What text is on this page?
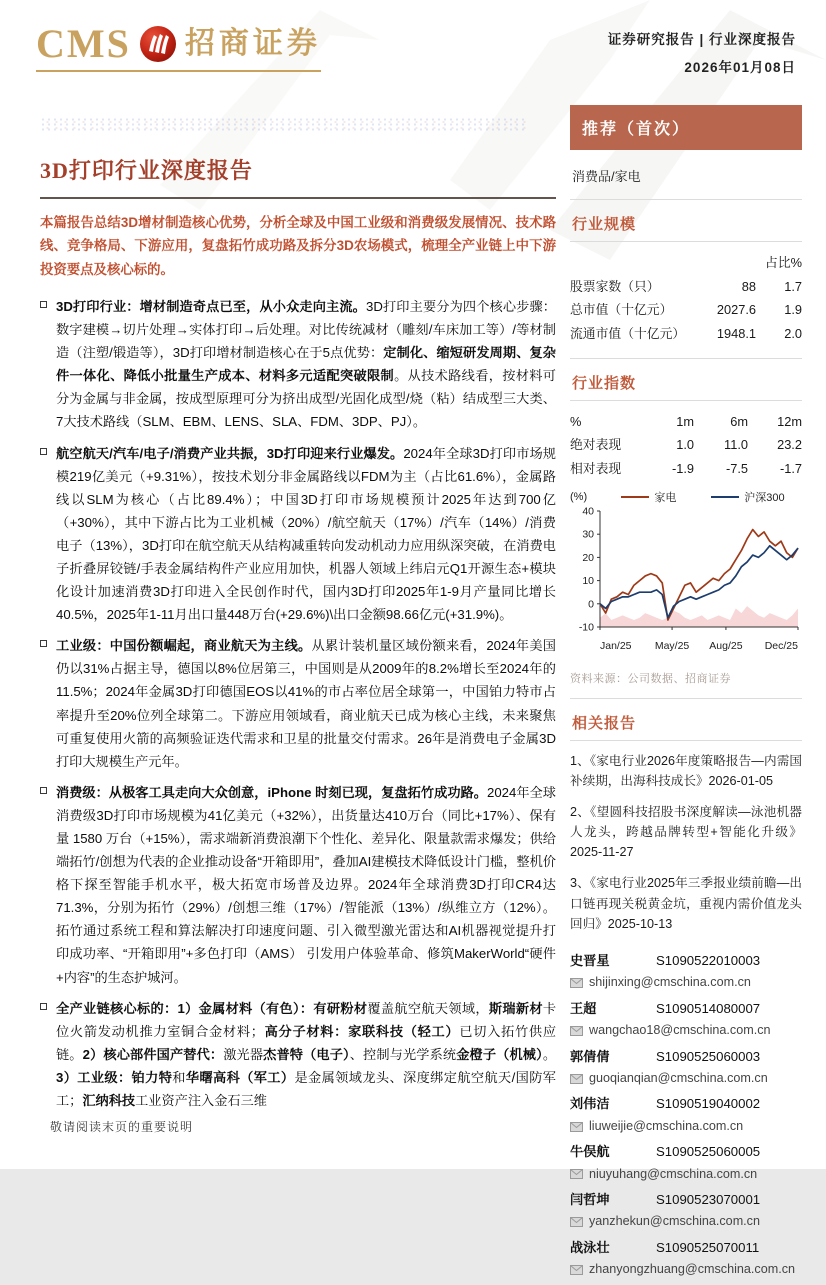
CMS 招商证券	证券研究报告 | 行业深度报告
2026年01月08日
3D打印行业深度报告
本篇报告总结3D增材制造核心优势，分析全球及中国工业级和消费级发展情况、技术路线、竞争格局、下游应用，复盘拓竹成功路及拆分3D农场模式，梳理全产业链上中下游投资要点及核心标的。

3D打印行业：增材制造奇点已至，从小众走向主流。3D打印主要分为四个核心步骤：数字建模→切片处理→实体打印→后处理。对比传统减材（雕刻/车床加工等）/等材制造（注塑/锻造等），3D打印增材制造核心在于5点优势：定制化、缩短研发周期、复杂件一体化、降低小批量生产成本、材料多元适配突破限制。从技术路线看，按材料可分为金属与非金属，按成型原理可分为挤出成型/光固化成型/烧（粘）结成型三大类、7大技术路线（SLM、EBM、LENS、SLA、FDM、3DP、PJ）。

航空航天/汽车/电子/消费产业共振，3D打印迎来行业爆发。2024年全球3D打印市场规模219亿美元（+9.31%），按技术划分非金属路线以FDM为主（占比61.6%），金属路线以SLM为核心（占比89.4%）；中国3D打印市场规模预计2025年达到700亿（+30%），其中下游占比为工业机械（20%）/航空航天（17%）/汽车（14%）/消费电子（13%），3D打印在航空航天从结构减重转向发动机动力应用纵深突破，在消费电子折叠屏铰链/手表金属结构件产业应用加快，机器人领域上纬启元Q1开源生态+模块化设计加速消费3D打印进入全民创作时代，国内3D打印2025年1-9月产量同比增长40.5%，2025年1-11月出口量448万台(+29.6%)\出口金额98.66亿元(+31.9%)。

工业级：中国份额崛起，商业航天为主线。从累计装机量区域份额来看，2024年美国仍以31%占据主导，德国以8%位居第三，中国则是从2009年的8.2%增长至2024年的11.5%；2024年金属3D打印德国EOS以41%的市占率位居全球第一，中国铂力特市占率提升至20%位列全球第二。下游应用领域看，商业航天已成为核心主线，未来聚焦可重复使用火箭的高频验证迭代需求和卫星的批量交付需求。26年是消费电子金属3D打印大规模生产元年。

消费级：从极客工具走向大众创意，iPhone 时刻已现，复盘拓竹成功路。2024年全球消费级3D打印市场规模为41亿美元（+32%），出货量达410万台（同比+17%）、保有量 1580 万台（+15%），需求端新消费浪潮下个性化、差异化、限量款需求爆发；供给端拓竹/创想为代表的企业推动设备“开箱即用”，叠加AI建模技术降低设计门槛，整机价格下探至智能手机水平，极大拓宽市场普及边界。2024年全球消费3D打印CR4达71.3%，分别为拓竹（29%）/创想三维（17%）/智能派（13%）/纵维立方（12%）。拓竹通过系统工程和算法解决打印速度问题、引入微型激光雷达和AI机器视觉提升打印成功率、“开箱即用”+多色打印（AMS） 引发用户体验革命、修筑MakerWorld“硬件+内容”的生态护城河。

全产业链核心标的：1）金属材料（有色）：有研粉材覆盖航空航天领域，斯瑞新材卡位火箭发动机推力室铜合金材料；高分子材料：家联科技（轻工）已切入拓竹供应链。2）核心部件国产替代：激光器杰普特（电子）、控制与光学系统金橙子（机械）。3）工业级：铂力特和华曙高科（军工）是金属领域龙头、深度绑定航空航天/国防军工；汇纳科技工业资产注入金石三维

推荐（首次）
消费品/家电
行业规模
占比%
股票家数（只）	88	1.7
总市值（十亿元）	2027.6	1.9
流通市值（十亿元）	1948.1	2.0
行业指数
%	1m	6m	12m
绝对表现	1.0	11.0	23.2
相对表现	-1.9	-7.5	-1.7
(%)	家电	沪深300
40
30
20
10
0
-10
Jan/25 May/25 Aug/25 Dec/25
资料来源：公司数据、招商证券
相关报告
1、《家电行业2026年度策略报告—内需国补续期，出海科技成长》2026-01-05
2、《望圆科技招股书深度解读—泳池机器人龙头，跨越品牌转型+智能化升级》2025-11-27
3、《家电行业2025年三季报业绩前瞻—出口链再现关税黄金坑，重视内需价值龙头回归》2025-10-13
史晋星	S1090522010003
shijinxing@cmschina.com.cn
王超	S1090514080007
wangchao18@cmschina.com.cn
郭倩倩	S1090525060003
guoqianqian@cmschina.com.cn
刘伟洁	S1090519040002
liuweijie@cmschina.com.cn
牛俣航	S1090525060005
niuyuhang@cmschina.com.cn
闫哲坤	S1090523070001
yanzhekun@cmschina.com.cn
战泳壮	S1090525070011
zhanyongzhuang@cmschina.com.cn
敬请阅读末页的重要说明
